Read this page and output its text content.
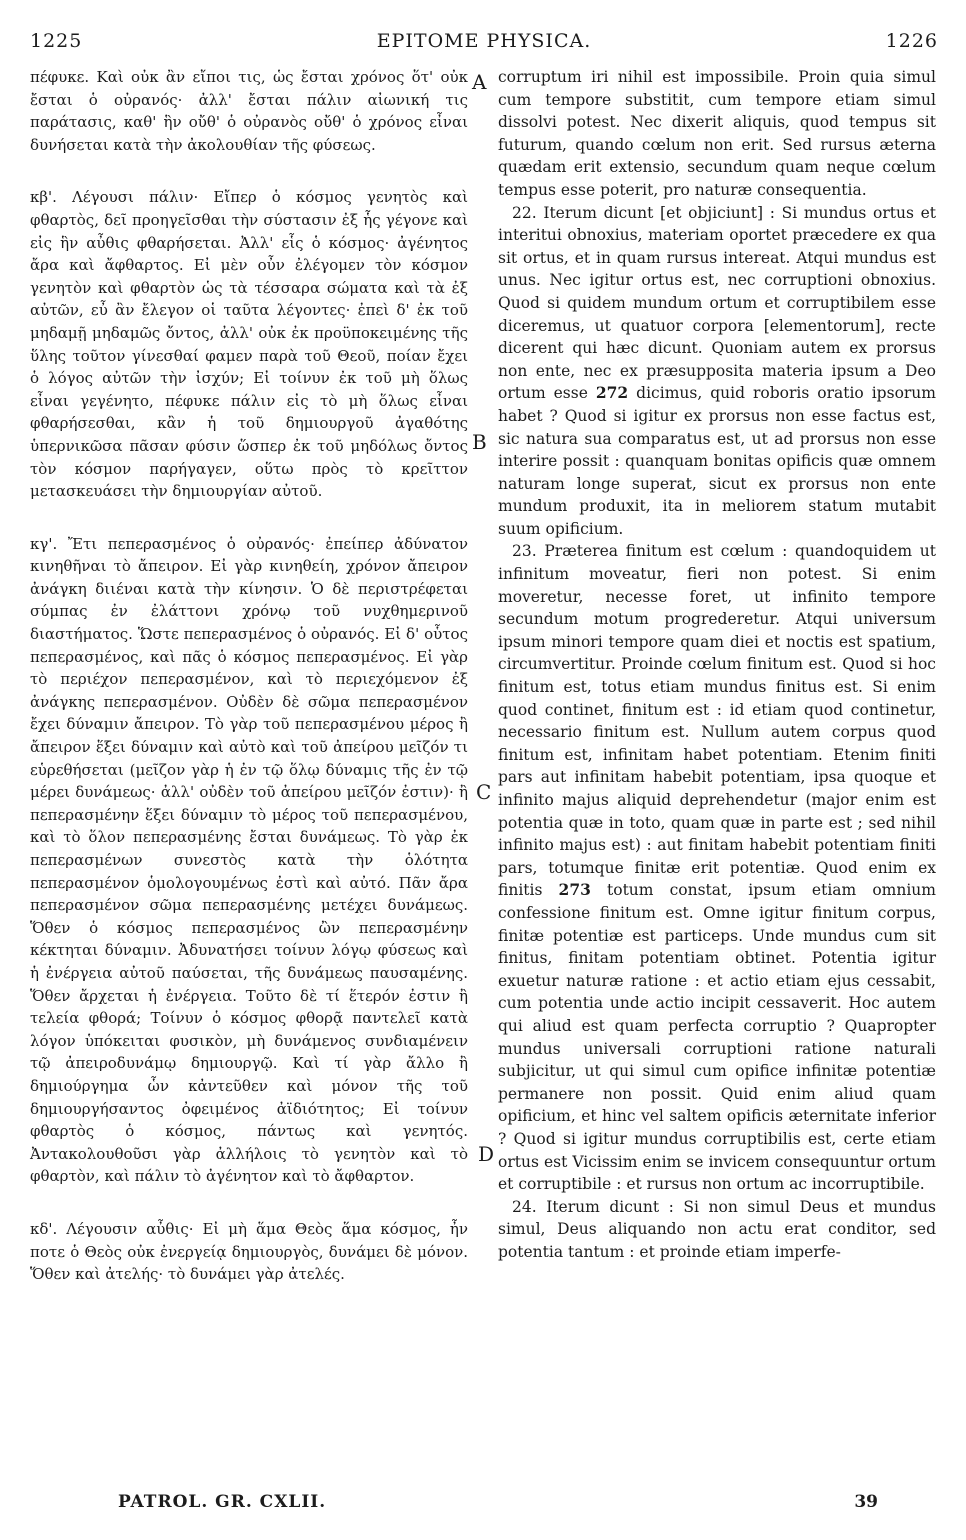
1225	EPITOME PHYSICA.	1226

πέφυκε. Καὶ οὐκ ἂν εἴποι τις, ὡς ἔσται χρόνος ὅτ' οὐκ ἔσται ὁ οὐρανός· ἀλλ' ἔσται πάλιν αἰωνική τις παράτασις, καθ' ἣν οὔθ' ὁ οὐρανὸς οὔθ' ὁ χρόνος εἶναι δυνήσεται κατὰ τὴν ἀκολουθίαν τῆς φύσεως.

κβ'. Λέγουσι πάλιν· Εἴπερ ὁ κόσμος γενητὸς καὶ φθαρτὸς, δεῖ προηγεῖσθαι τὴν σύστασιν ἐξ ἧς γέγονε καὶ εἰς ἣν αὖθις φθαρήσεται. Ἀλλ' εἷς ὁ κόσμος· ἀγένητος ἄρα καὶ ἄφθαρτος. Εἰ μὲν οὖν ἐλέγομεν τὸν κόσμον γενητὸν καὶ φθαρτὸν ὡς τὰ τέσσαρα σώματα καὶ τὰ ἐξ αὐτῶν, εὖ ἂν ἔλεγον οἱ ταῦτα λέγοντες· ἐπεὶ δ' ἐκ τοῦ μηδαμῇ μηδαμῶς ὄντος, ἀλλ' οὐκ ἐκ προϋποκειμένης τῆς ὕλης τοῦτον γίνεσθαί φαμεν παρὰ τοῦ Θεοῦ, ποίαν ἔχει ὁ λόγος αὐτῶν τὴν ἰσχύν; Εἰ τοίνυν ἐκ τοῦ μὴ ὅλως εἶναι γεγένητο, πέφυκε πάλιν εἰς τὸ μὴ ὅλως εἶναι φθαρήσεσθαι, κἂν ἡ τοῦ δημιουργοῦ ἀγαθότης ὑπερνικῶσα πᾶσαν φύσιν ὥσπερ ἐκ τοῦ μηδόλως ὄντος τὸν κόσμον παρήγαγεν, οὕτω πρὸς τὸ κρεῖττον μετασκευάσει τὴν δημιουργίαν αὐτοῦ.

κγ'. Ἔτι πεπερασμένος ὁ οὐρανός· ἐπείπερ ἀδύνατον κινηθῆναι τὸ ἄπειρον. Εἰ γὰρ κινηθείη, χρόνον ἄπειρον ἀνάγκη διιέναι κατὰ τὴν κίνησιν. Ὁ δὲ περιστρέφεται σύμπας ἐν ἐλάττονι χρόνῳ τοῦ νυχθημερινοῦ διαστήματος. Ὥστε πεπερασμένος ὁ οὐρανός. Εἰ δ' οὗτος πεπερασμένος, καὶ πᾶς ὁ κόσμος πεπερασμένος. Εἰ γὰρ τὸ περιέχον πεπερασμένον, καὶ τὸ περιεχόμενον ἐξ ἀνάγκης πεπερασμένον. Οὐδὲν δὲ σῶμα πεπερασμένον ἔχει δύναμιν ἄπειρον. Τὸ γὰρ τοῦ πεπερασμένου μέρος ἢ ἄπειρον ἕξει δύναμιν καὶ αὐτὸ καὶ τοῦ ἀπείρου μεῖζόν τι εὑρεθήσεται (μεῖζον γὰρ ἡ ἐν τῷ ὅλῳ δύναμις τῆς ἐν τῷ μέρει δυνάμεως· ἀλλ' οὐδὲν τοῦ ἀπείρου μεῖζόν ἐστιν)· ἢ πεπερασμένην ἕξει δύναμιν τὸ μέρος τοῦ πεπερασμένου, καὶ τὸ ὅλον πεπερασμένης ἔσται δυνάμεως. Τὸ γὰρ ἐκ πεπερασμένων συνεστὸς κατὰ τὴν ὁλότητα πεπερασμένον ὁμολογουμένως ἐστὶ καὶ αὐτό. Πᾶν ἄρα πεπερασμένον σῶμα πεπερασμένης μετέχει δυνάμεως. Ὅθεν ὁ κόσμος πεπερασμένος ὢν πεπερασμένην κέκτηται δύναμιν. Ἀδυνατήσει τοίνυν λόγῳ φύσεως καὶ ἡ ἐνέργεια αὐτοῦ παύσεται, τῆς δυνάμεως παυσαμένης. Ὅθεν ἄρχεται ἡ ἐνέργεια. Τοῦτο δὲ τί ἕτερόν ἐστιν ἢ τελεία φθορά; Τοίνυν ὁ κόσμος φθορᾷ παντελεῖ κατὰ λόγον ὑπόκειται φυσικὸν, μὴ δυνάμενος συνδιαμένειν τῷ ἀπειροδυνάμῳ δημιουργῷ. Καὶ τί γὰρ ἄλλο ἢ δημιούργημα ὧν κἀντεῦθεν καὶ μόνον τῆς τοῦ δημιουργήσαντος ὀφειμένος ἀϊδιότητος; Εἰ τοίνυν φθαρτὸς ὁ κόσμος, πάντως καὶ γενητός. Ἀντακολουθοῦσι γὰρ ἀλλήλοις τὸ γενητὸν καὶ τὸ φθαρτὸν, καὶ πάλιν τὸ ἀγένητον καὶ τὸ ἄφθαρτον.

κδ'. Λέγουσιν αὖθις· Εἰ μὴ ἅμα Θεὸς ἅμα κόσμος, ἦν ποτε ὁ Θεὸς οὐκ ἐνεργείᾳ δημιουργὸς, δυνάμει δὲ μόνον. Ὅθεν καὶ ἀτελής· τὸ δυνάμει γὰρ ἀτελές.

A
B
C
D

corruptum iri nihil est impossibile. Proin quia simul cum tempore substitit, cum tempore etiam simul dissolvi potest. Nec dixerit aliquis, quod tempus sit futurum, quando cœlum non erit. Sed rursus æterna quædam erit extensio, secundum quam neque cœlum tempus esse poterit, pro naturæ consequentia.

22. Iterum dicunt [et objiciunt] : Si mundus ortus et interitui obnoxius, materiam oportet præcedere ex qua sit ortus, et in quam rursus intereat. Atqui mundus est unus. Nec igitur ortus est, nec corruptioni obnoxius. Quod si quidem mundum ortum et corruptibilem esse diceremus, ut quatuor corpora [elementorum], recte dicerent qui hæc dicunt. Quoniam autem ex prorsus non ente, nec ex præsupposita materia ipsum a Deo ortum esse 272 dicimus, quid roboris oratio ipsorum habet ? Quod si igitur ex prorsus non esse factus est, sic natura sua comparatus est, ut ad prorsus non esse interire possit : quanquam bonitas opificis quæ omnem naturam longe superat, sicut ex prorsus non ente mundum produxit, ita in meliorem statum mutabit suum opificium.

23. Præterea finitum est cœlum : quandoquidem ut infinitum moveatur, fieri non potest. Si enim moveretur, necesse foret, ut infinito tempore secundum motum progrederetur. Atqui universum ipsum minori tempore quam diei et noctis est spatium, circumvertitur. Proinde cœlum finitum est. Quod si hoc finitum est, totus etiam mundus finitus est. Si enim quod continet, finitum est : id etiam quod continetur, necessario finitum est. Nullum autem corpus quod finitum est, infinitam habet potentiam. Etenim finiti pars aut infinitam habebit potentiam, ipsa quoque et infinito majus aliquid deprehendetur (major enim est potentia quæ in toto, quam quæ in parte est ; sed nihil infinito majus est) : aut finitam habebit potentiam finiti pars, totumque finitæ erit potentiæ. Quod enim ex finitis 273 totum constat, ipsum etiam omnium confessione finitum est. Omne igitur finitum corpus, finitæ potentiæ est particeps. Unde mundus cum sit finitus, finitam potentiam obtinet. Potentia igitur exuetur naturæ ratione : et actio etiam ejus cessabit, cum potentia unde actio incipit cessaverit. Hoc autem qui aliud est quam perfecta corruptio ? Quapropter mundus universali corruptioni ratione naturali subjicitur, ut qui simul cum opifice infinitæ potentiæ permanere non possit. Quid enim aliud quam opificium, et hinc vel saltem opificis æternitate inferior ? Quod si igitur mundus corruptibilis est, certe etiam ortus est Vicissim enim se invicem consequuntur ortum et corruptibile : et rursus non ortum ac incorruptibile.

24. Iterum dicunt : Si non simul Deus et mundus simul, Deus aliquando non actu erat conditor, sed potentia tantum : et proinde etiam imperfe-

PATROL. GR. CXLII.	39
